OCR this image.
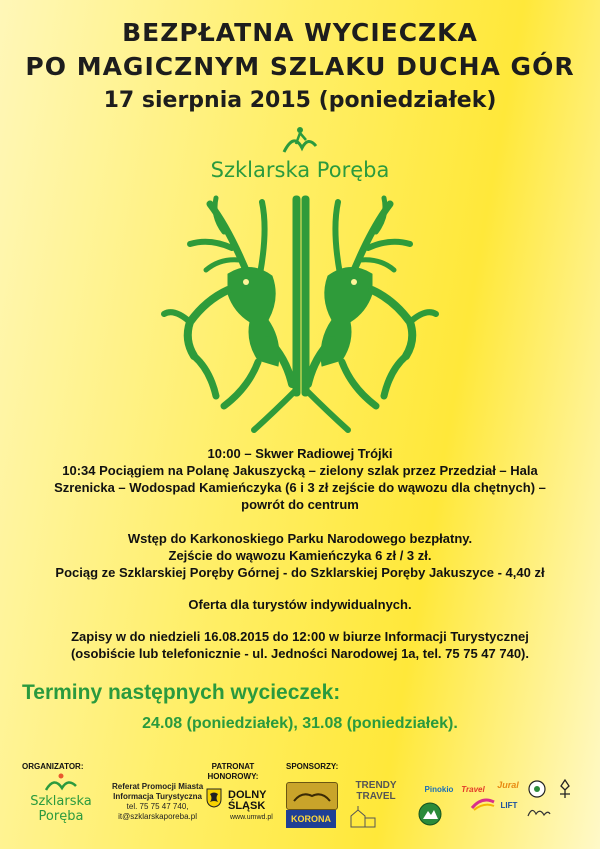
BEZPŁATNA WYCIECZKA
PO MAGICZNYM SZLAKU DUCHA GÓR
17 sierpnia 2015 (poniedziałek)
Szklarska Poręba
10:00 – Skwer Radiowej Trójki
10:34 Pociągiem na Polanę Jakuszycką – zielony szlak przez Przedział – Hala
Szrenicka – Wodospad Kamieńczyka (6 i 3 zł zejście do wąwozu dla chętnych) –
powrót do centrum
Wstęp do Karkonoskiego Parku Narodowego bezpłatny.
Zejście do wąwozu Kamieńczyka 6 zł / 3 zł.
Pociąg ze Szklarskiej Poręby Górnej - do Szklarskiej Poręby Jakuszyce - 4,40 zł
Oferta dla turystów indywidualnych.
Zapisy w do niedzieli 16.08.2015 do 12:00 w biurze Informacji Turystycznej
(osobiście lub telefonicznie - ul. Jedności Narodowej 1a, tel. 75 75 47 740).
Terminy następnych wycieczek:
24.08 (poniedziałek), 31.08 (poniedziałek).
ORGANIZATOR:
Szklarska
Poręba
Referat Promocji Miasta
Informacja Turystyczna
tel. 75 75 47 740,
it@szklarskaporeba.pl
PATRONAT
HONOROWY:
DOLNY
ŚLĄSK
www.umwd.pl
SPONSORZY:
KORONA
TRENDY
TRAVEL
Pinokio Travel	Jural
LIFT
